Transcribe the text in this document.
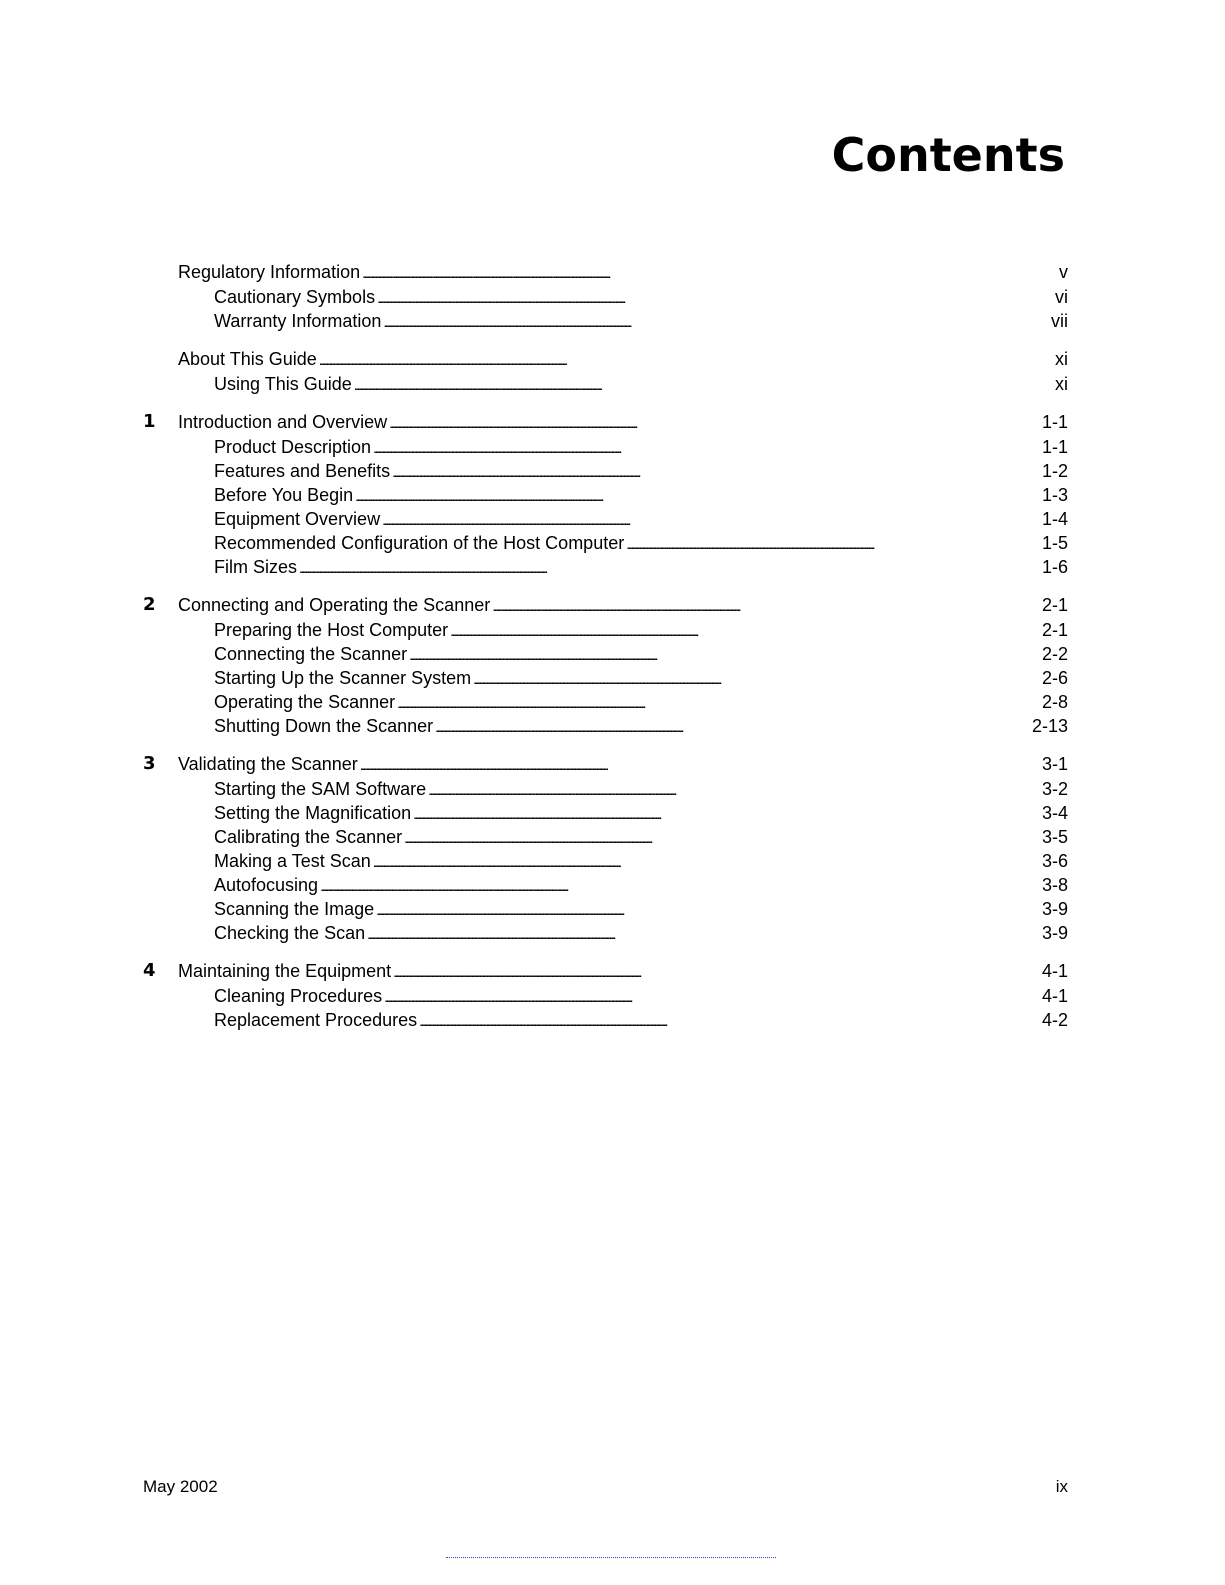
Contents
Regulatory Information . . .	v
Cautionary Symbols . . .	vi
Warranty Information . . .	vii
About This Guide . . .	xi
Using This Guide . . .	xi
1	Introduction and Overview . . .	1-1
Product Description . . .	1-1
Features and Benefits . . .	1-2
Before You Begin . . .	1-3
Equipment Overview . . .	1-4
Recommended Configuration of the Host Computer . . .	1-5
Film Sizes . . .	1-6
2	Connecting and Operating the Scanner . . .	2-1
Preparing the Host Computer . . .	2-1
Connecting the Scanner . . .	2-2
Starting Up the Scanner System . . .	2-6
Operating the Scanner . . .	2-8
Shutting Down the Scanner . . .	2-13
3	Validating the Scanner . . .	3-1
Starting the SAM Software . . .	3-2
Setting the Magnification . . .	3-4
Calibrating the Scanner . . .	3-5
Making a Test Scan . . .	3-6
Autofocusing . . .	3-8
Scanning the Image . . .	3-9
Checking the Scan . . .	3-9
4	Maintaining the Equipment . . .	4-1
Cleaning Procedures . . .	4-1
Replacement Procedures . . .	4-2
May 2002	ix
